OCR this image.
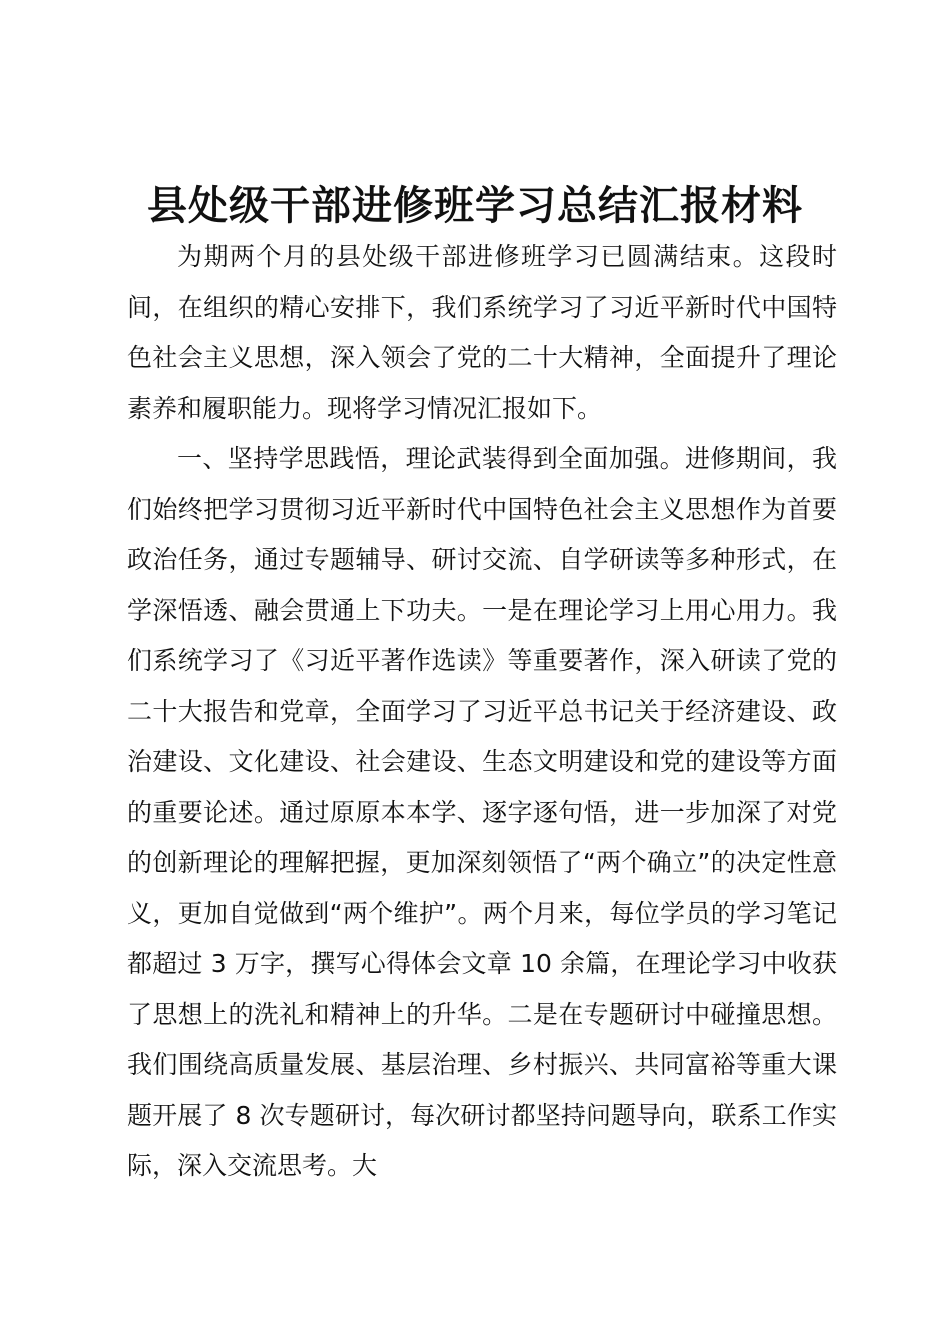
县处级干部进修班学习总结汇报材料

为期两个月的县处级干部进修班学习已圆满结束。这段时间，在组织的精心安排下，我们系统学习了习近平新时代中国特色社会主义思想，深入领会了党的二十大精神，全面提升了理论素养和履职能力。现将学习情况汇报如下。

一、坚持学思践悟，理论武装得到全面加强。进修期间，我们始终把学习贯彻习近平新时代中国特色社会主义思想作为首要政治任务，通过专题辅导、研讨交流、自学研读等多种形式，在学深悟透、融会贯通上下功夫。一是在理论学习上用心用力。我们系统学习了《习近平著作选读》等重要著作，深入研读了党的二十大报告和党章，全面学习了习近平总书记关于经济建设、政治建设、文化建设、社会建设、生态文明建设和党的建设等方面的重要论述。通过原原本本学、逐字逐句悟，进一步加深了对党的创新理论的理解把握，更加深刻领悟了“两个确立”的决定性意义，更加自觉做到“两个维护”。两个月来，每位学员的学习笔记都超过 3 万字，撰写心得体会文章 10 余篇，在理论学习中收获了思想上的洗礼和精神上的升华。二是在专题研讨中碰撞思想。我们围绕高质量发展、基层治理、乡村振兴、共同富裕等重大课题开展了 8 次专题研讨，每次研讨都坚持问题导向，联系工作实际，深入交流思考。大
